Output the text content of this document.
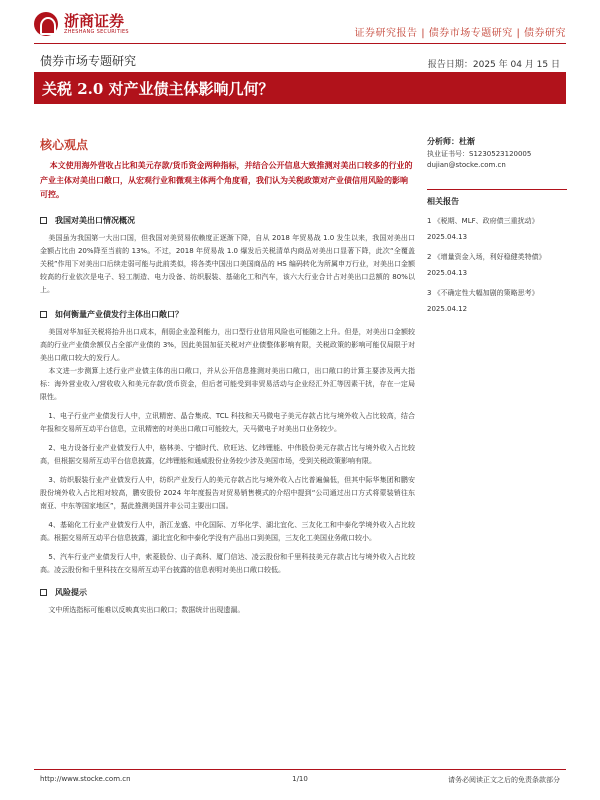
浙商证券
ZHESHANG SECURITIES	证券研究报告 | 债券市场专题研究 | 债券研究
债券市场专题研究	报告日期：2025 年 04 月 15 日
关税 2.0 对产业债主体影响几何？
核心观点
本文使用海外营收占比和美元存款/货币资金两种指标，并结合公开信息大致推测对美出口较多的行业的产业主体对美出口敞口，从宏观行业和微观主体两个角度看，我们认为关税政策对产业债信用风险的影响可控。
我国对美出口情况概况

美国虽为我国第一大出口国，但我国对美贸易依赖度正逐渐下降，自从 2018 年贸易战 1.0 发生以来，我国对美出口金额占比由 20%降至当前的 13%。不过，2018 年贸易战 1.0 爆发后关税清单内商品对美出口显著下降，此次“全覆盖关税”作用下对美出口后续走弱可能与此前类似，将各类中国出口美国商品的 HS 编码转化为所属申万行业，对美出口金额较高的行业依次是电子、轻工制造、电力设备、纺织服装、基础化工和汽车，该六大行业合计占对美出口总额的 80%以上。

如何衡量产业债发行主体出口敞口？

美国对华加征关税将抬升出口成本，削弱企业盈利能力，出口型行业信用风险也可能随之上升。但是，对美出口金额较高的行业产业债余额仅占全部产业债的 3%，因此美国加征关税对产业债整体影响有限，关税政策的影响可能仅局限于对美出口敞口较大的发行人。

本文进一步测算上述行业产业债主体的出口敞口，并从公开信息推测对美出口敞口，出口敞口的计算主要涉及两大指标：海外营业收入/营收收入和美元存款/货币资金，但后者可能受到非贸易活动与企业经汇外汇等因素干扰，存在一定局限性。

1、电子行业产业债发行人中，立讯精密、晶合集成、TCL 科技和天马微电子美元存款占比与境外收入占比较高，结合年报和交易所互动平台信息，立讯精密的对美出口敞口可能较大，天马微电子对美出口业务较少。

2、电力设备行业产业债发行人中，格林美、宁德时代、欣旺达、亿纬锂能、中伟股份美元存款占比与境外收入占比较高，但根据交易所互动平台信息披露，亿纬锂能和通威股份业务较少涉及美国市场，受到关税政策影响有限。

3、纺织服装行业产业债发行人中，纺织产业发行人的美元存款占比与境外收入占比普遍偏低，但其中际华集团和鹏安股份境外收入占比相对较高，鹏安股份 2024 年年度报告对贸易销售模式的介绍中提到“公司通过出口方式将蒙装销往东南亚、中东等国家地区”，据此推测美国并非公司主要出口国。

4、基础化工行业产业债发行人中，浙江龙盛、中化国际、万华化学、湖北宜化、三友化工和中泰化学境外收入占比较高。根据交易所互动平台信息披露，湖北宜化和中泰化学没有产品出口到美国，三友化工美国业务敞口较小。

5、汽车行业产业债发行人中，索菱股份、山子高科、厦门信达、凌云股份和千里科技美元存款占比与境外收入占比较高。凌云股份和千里科技在交易所互动平台披露的信息表明对美出口敞口较低。

风险提示

文中所选指标可能难以反映真实出口敞口；数据统计出现遗漏。

分析师：杜渐
执业证书号：S1230523120005
dujian@stocke.com.cn
相关报告
1 《税期、MLF、政府债三重扰动》 2025.04.13
2 《增量资金入场，利好稳健类特债》 2025.04.13
3 《不确定性大幅加剧的策略思考》 2025.04.12
http://www.stocke.com.cn	1/10	请务必阅读正文之后的免责条款部分
